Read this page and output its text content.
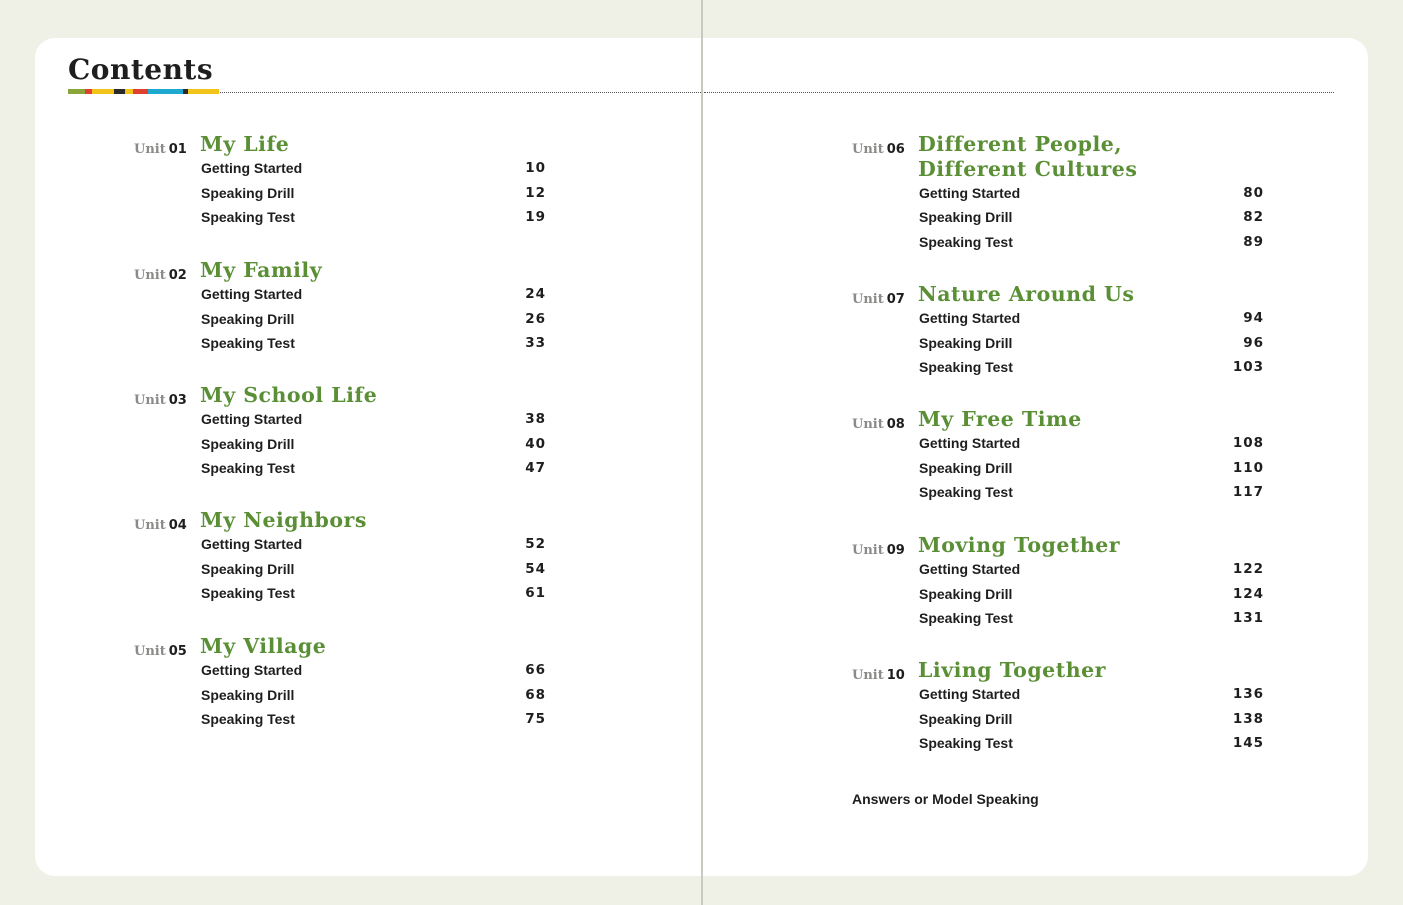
Contents
Unit 01 My Life
Getting Started	10
Speaking Drill	12
Speaking Test	19
Unit 02 My Family
Getting Started	24
Speaking Drill	26
Speaking Test	33
Unit 03 My School Life
Getting Started	38
Speaking Drill	40
Speaking Test	47
Unit 04 My Neighbors
Getting Started	52
Speaking Drill	54
Speaking Test	61
Unit 05 My Village
Getting Started	66
Speaking Drill	68
Speaking Test	75
Unit 06 Different People,
Different Cultures
Getting Started	80
Speaking Drill	82
Speaking Test	89
Unit 07 Nature Around Us
Getting Started	94
Speaking Drill	96
Speaking Test	103
Unit 08 My Free Time
Getting Started	108
Speaking Drill	110
Speaking Test	117
Unit 09 Moving Together
Getting Started	122
Speaking Drill	124
Speaking Test	131
Unit 10 Living Together
Getting Started	136
Speaking Drill	138
Speaking Test	145
Answers or Model Speaking
